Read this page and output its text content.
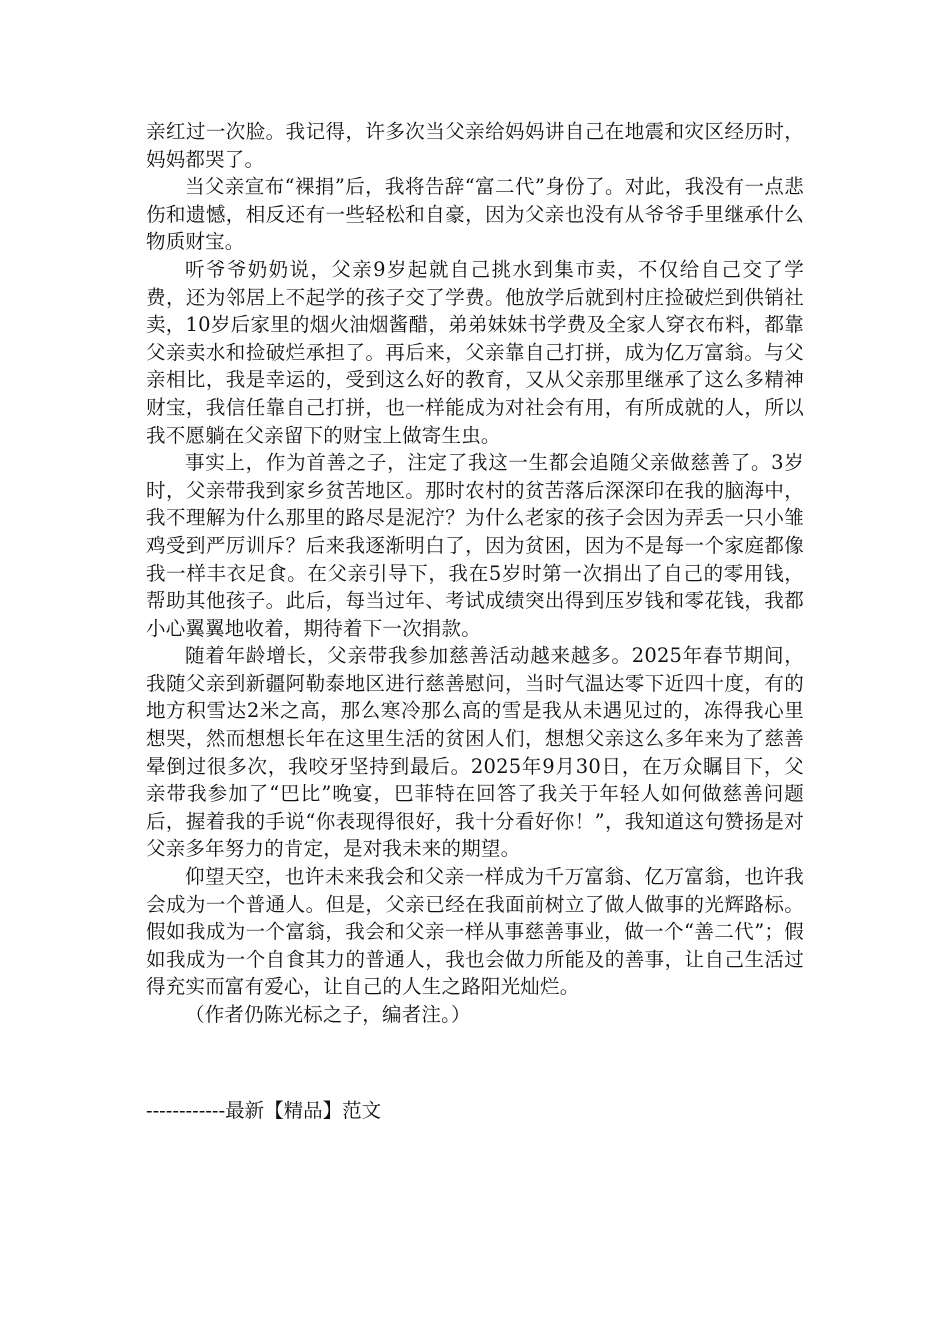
亲红过一次脸。我记得，许多次当父亲给妈妈讲自己在地震和灾区经历时，妈妈都哭了。

当父亲宣布“裸捐”后，我将告辞“富二代”身份了。对此，我没有一点悲伤和遗憾，相反还有一些轻松和自豪，因为父亲也没有从爷爷手里继承什么物质财宝。

听爷爷奶奶说，父亲9岁起就自己挑水到集市卖，不仅给自己交了学费，还为邻居上不起学的孩子交了学费。他放学后就到村庄捡破烂到供销社卖，10岁后家里的烟火油烟酱醋，弟弟妹妹书学费及全家人穿衣布料，都靠父亲卖水和捡破烂承担了。再后来，父亲靠自己打拼，成为亿万富翁。与父亲相比，我是幸运的，受到这么好的教育，又从父亲那里继承了这么多精神财宝，我信任靠自己打拼，也一样能成为对社会有用，有所成就的人，所以我不愿躺在父亲留下的财宝上做寄生虫。

事实上，作为首善之子，注定了我这一生都会追随父亲做慈善了。3岁时，父亲带我到家乡贫苦地区。那时农村的贫苦落后深深印在我的脑海中，我不理解为什么那里的路尽是泥泞？为什么老家的孩子会因为弄丢一只小雏鸡受到严厉训斥？后来我逐渐明白了，因为贫困，因为不是每一个家庭都像我一样丰衣足食。在父亲引导下，我在5岁时第一次捐出了自己的零用钱，帮助其他孩子。此后，每当过年、考试成绩突出得到压岁钱和零花钱，我都小心翼翼地收着，期待着下一次捐款。

随着年龄增长，父亲带我参加慈善活动越来越多。2025年春节期间，我随父亲到新疆阿勒泰地区进行慈善慰问，当时气温达零下近四十度，有的地方积雪达2米之高，那么寒冷那么高的雪是我从未遇见过的，冻得我心里想哭，然而想想长年在这里生活的贫困人们，想想父亲这么多年来为了慈善晕倒过很多次，我咬牙坚持到最后。2025年9月30日，在万众瞩目下，父亲带我参加了“巴比”晚宴，巴菲特在回答了我关于年轻人如何做慈善问题后，握着我的手说“你表现得很好，我十分看好你！”，我知道这句赞扬是对父亲多年努力的肯定，是对我未来的期望。

仰望天空，也许未来我会和父亲一样成为千万富翁、亿万富翁，也许我会成为一个普通人。但是，父亲已经在我面前树立了做人做事的光辉路标。假如我成为一个富翁，我会和父亲一样从事慈善事业，做一个“善二代”；假如我成为一个自食其力的普通人，我也会做力所能及的善事，让自己生活过得充实而富有爱心，让自己的人生之路阳光灿烂。

（作者仍陈光标之子，编者注。）

------------最新【精品】范文
